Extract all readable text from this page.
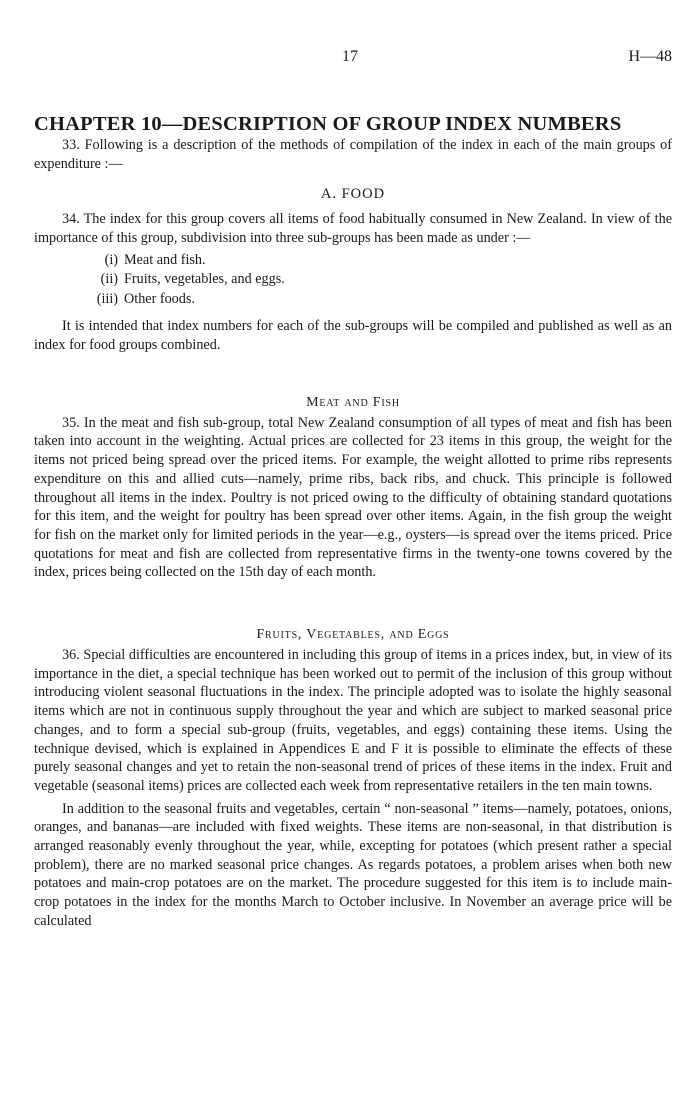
17	H—48
CHAPTER 10—DESCRIPTION OF GROUP INDEX NUMBERS

33. Following is a description of the methods of compilation of the index in each of the main groups of expenditure :—

A. FOOD

34. The index for this group covers all items of food habitually consumed in New Zealand. In view of the importance of this group, subdivision into three sub-groups has been made as under :—

(i) Meat and fish.
(ii) Fruits, vegetables, and eggs.
(iii) Other foods.

It is intended that index numbers for each of the sub-groups will be compiled and published as well as an index for food groups combined.

Meat and Fish

35. In the meat and fish sub-group, total New Zealand consumption of all types of meat and fish has been taken into account in the weighting. Actual prices are collected for 23 items in this group, the weight for the items not priced being spread over the priced items. For example, the weight allotted to prime ribs represents expenditure on this and allied cuts—namely, prime ribs, back ribs, and chuck. This principle is followed throughout all items in the index. Poultry is not priced owing to the difficulty of obtaining standard quotations for this item, and the weight for poultry has been spread over other items. Again, in the fish group the weight for fish on the market only for limited periods in the year—e.g., oysters—is spread over the items priced. Price quotations for meat and fish are collected from representative firms in the twenty-one towns covered by the index, prices being collected on the 15th day of each month.

Fruits, Vegetables, and Eggs

36. Special difficulties are encountered in including this group of items in a prices index, but, in view of its importance in the diet, a special technique has been worked out to permit of the inclusion of this group without introducing violent seasonal fluctuations in the index. The principle adopted was to isolate the highly seasonal items which are not in continuous supply throughout the year and which are subject to marked seasonal price changes, and to form a special sub-group (fruits, vegetables, and eggs) containing these items. Using the technique devised, which is explained in Appendices E and F it is possible to eliminate the effects of these purely seasonal changes and yet to retain the non-seasonal trend of prices of these items in the index. Fruit and vegetable (seasonal items) prices are collected each week from representative retailers in the ten main towns.

In addition to the seasonal fruits and vegetables, certain “ non-seasonal ” items—namely, potatoes, onions, oranges, and bananas—are included with fixed weights. These items are non-seasonal, in that distribution is arranged reasonably evenly throughout the year, while, excepting for potatoes (which present rather a special problem), there are no marked seasonal price changes. As regards potatoes, a problem arises when both new potatoes and main-crop potatoes are on the market. The procedure suggested for this item is to include main-crop potatoes in the index for the months March to October inclusive. In November an average price will be calculated
